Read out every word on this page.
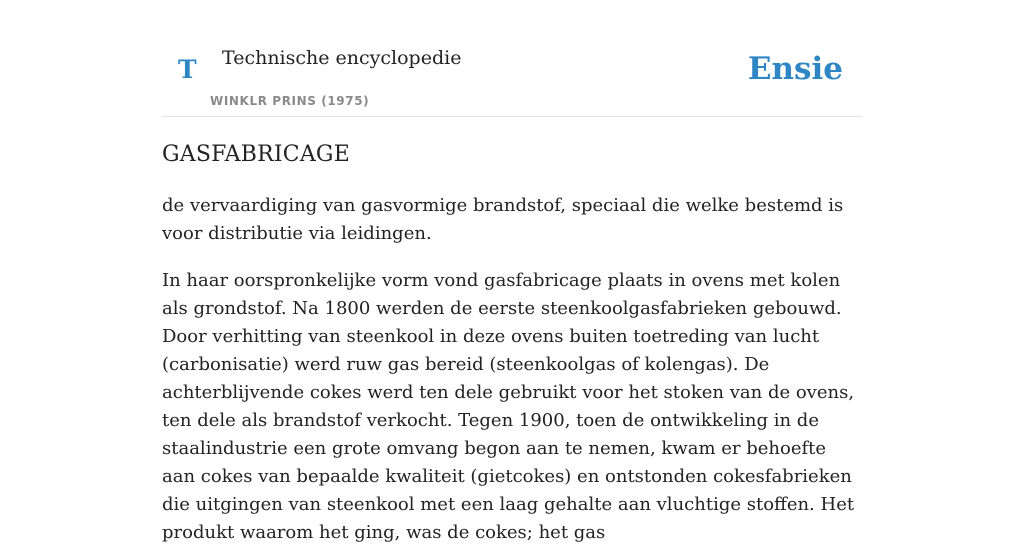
T Technische encyclopedie
WINKLR PRINS (1975)
Ensie
GASFABRICAGE

de vervaardiging van gasvormige brandstof, speciaal die welke bestemd is voor distributie via leidingen.

In haar oorspronkelijke vorm vond gasfabricage plaats in ovens met kolen als grondstof. Na 1800 werden de eerste steenkoolgasfabrieken gebouwd. Door verhitting van steenkool in deze ovens buiten toetreding van lucht (carbonisatie) werd ruw gas bereid (steenkoolgas of kolengas). De achterblijvende cokes werd ten dele gebruikt voor het stoken van de ovens, ten dele als brandstof verkocht. Tegen 1900, toen de ontwikkeling in de staalindustrie een grote omvang begon aan te nemen, kwam er behoefte aan cokes van bepaalde kwaliteit (gietcokes) en ontstonden cokesfabrieken die uitgingen van steenkool met een laag gehalte aan vluchtige stoffen. Het produkt waarom het ging, was de cokes; het gas
